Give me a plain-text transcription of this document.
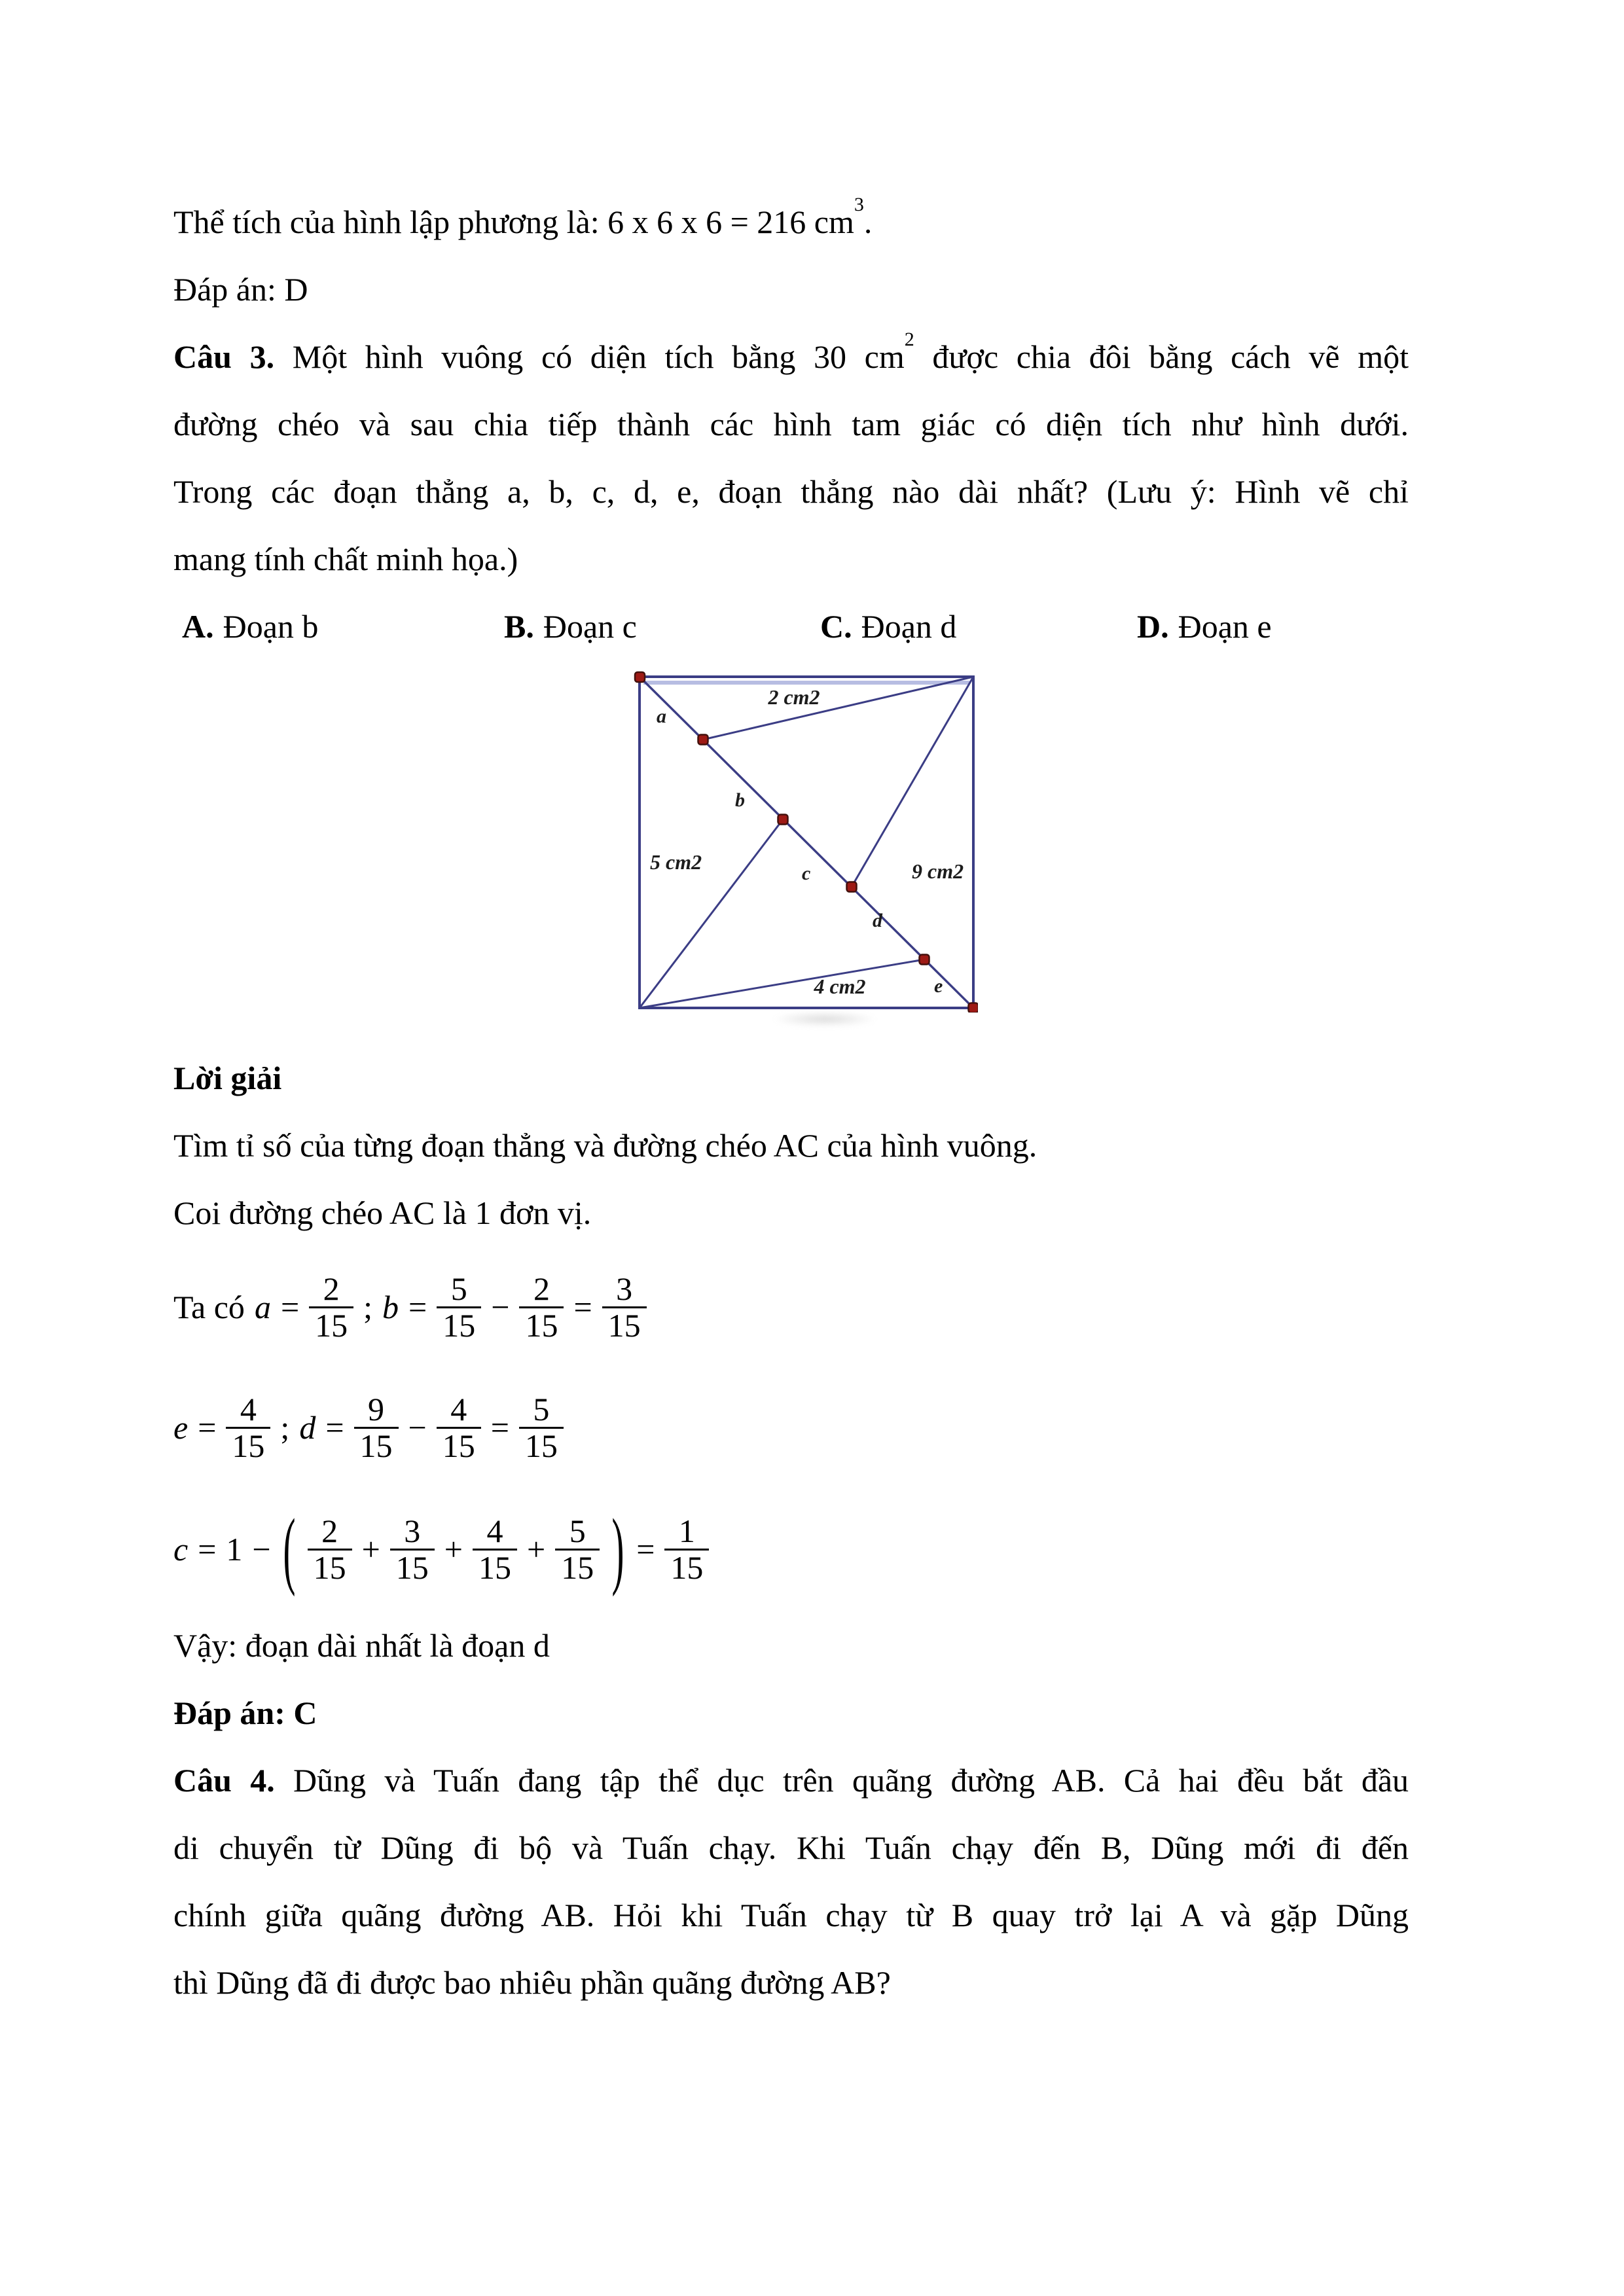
Thể tích của hình lập phương là: 6 x 6 x 6 = 216 $cm^3$.
Đáp án: D
Câu 3. Một hình vuông có diện tích bằng 30 $cm^2$ được chia đôi bằng cách vẽ một
đường chéo và sau chia tiếp thành các hình tam giác có diện tích như hình dưới.
Trong các đoạn thẳng a, b, c, d, e, đoạn thẳng nào dài nhất? (Lưu ý: Hình vẽ chỉ
mang tính chất minh họa.)
A. Đoạn b	B. Đoạn c	C. Đoạn d	D. Đoạn e
a
b
c
d
e
2 cm2
5 cm2	9 cm2
4 cm2
Lời giải
Tìm tỉ số của từng đoạn thẳng và đường chéo AC của hình vuông.
Coi đường chéo AC là 1 đơn vị.
Ta có $a = \frac{2}{15}$ ; $b = \frac{5}{15} - \frac{2}{15} = \frac{3}{15}$
$e = \frac{4}{15}$ ; $d = \frac{9}{15} - \frac{4}{15} = \frac{5}{15}$
c = 1 − ( $\frac{2}{15} + \frac{3}{15} + \frac{4}{15} + \frac{5}{15}$ ) = $\frac{1}{15}$
Vậy: đoạn dài nhất là đoạn d
Đáp án: C
Câu 4. Dũng và Tuấn đang tập thể dục trên quãng đường AB. Cả hai đều bắt đầu
di chuyển từ Dũng đi bộ và Tuấn chạy. Khi Tuấn chạy đến B, Dũng mới đi đến
chính giữa quãng đường AB. Hỏi khi Tuấn chạy từ B quay trở lại A và gặp Dũng
thì Dũng đã đi được bao nhiêu phần quãng đường AB?
